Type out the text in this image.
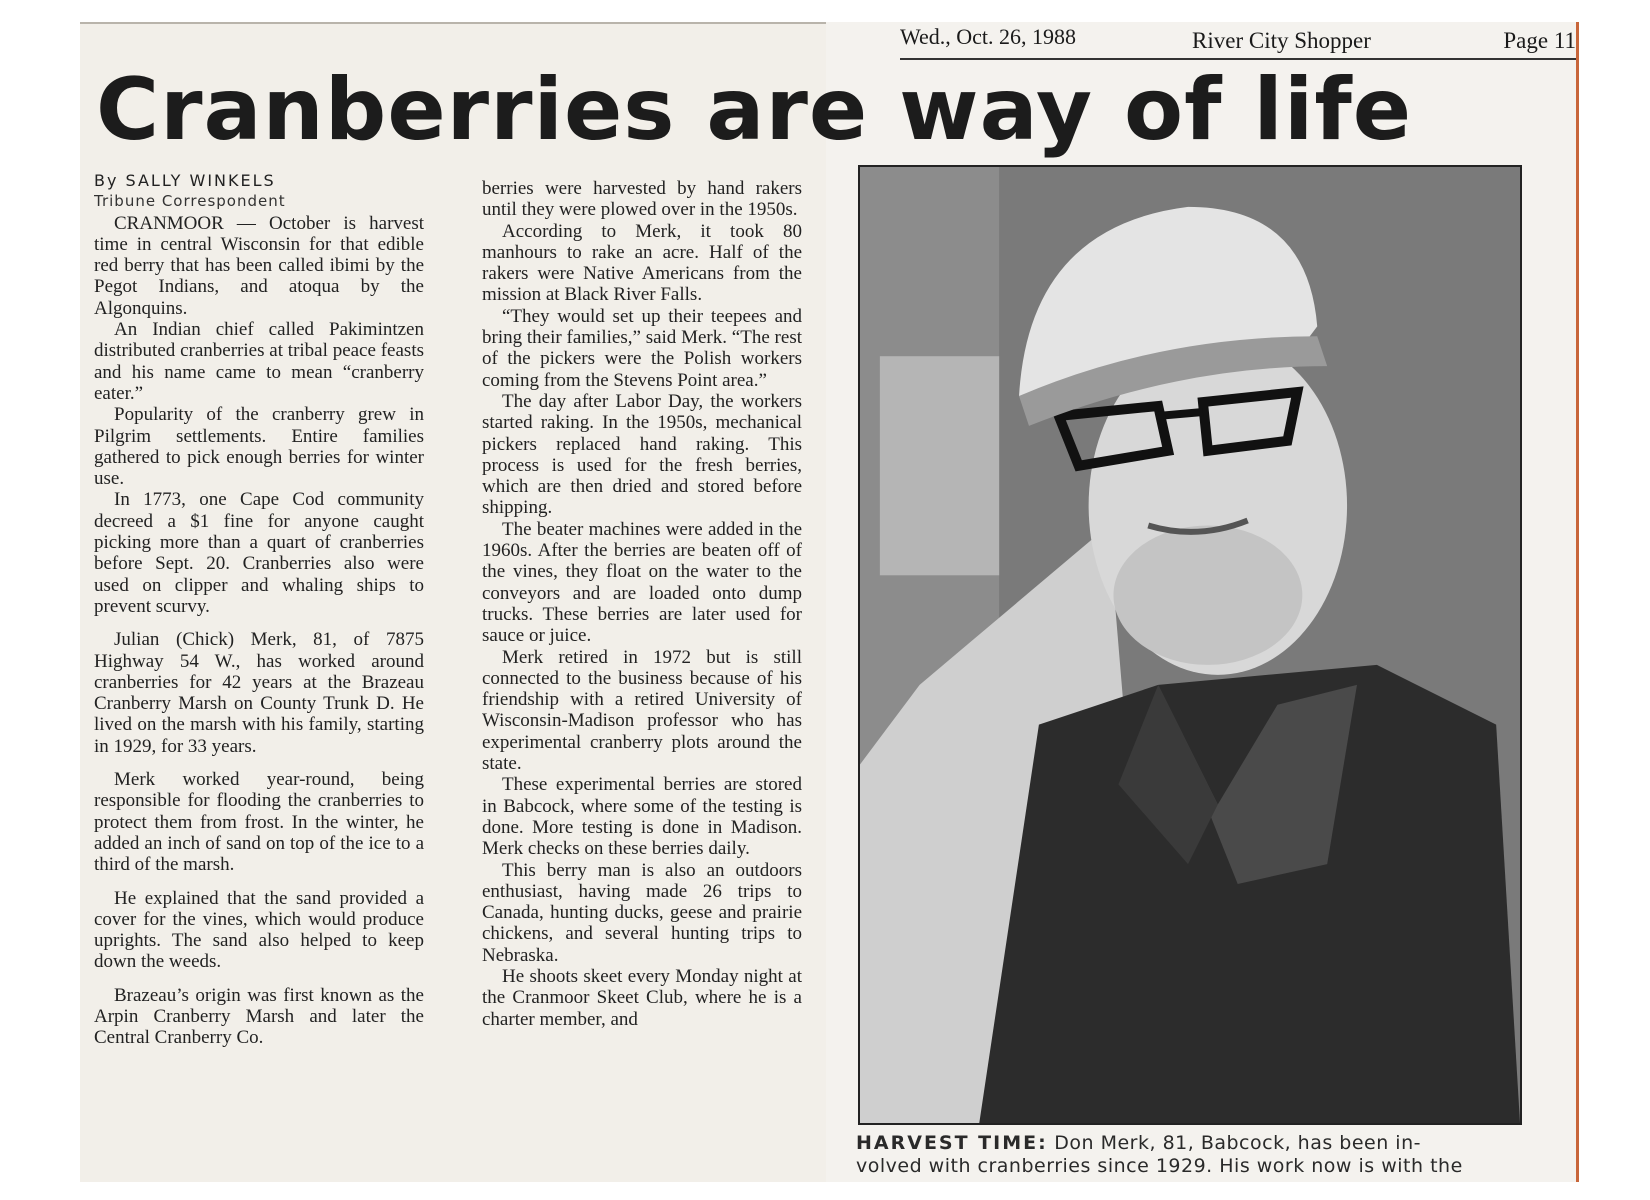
Wed., Oct. 26, 1988	River City Shopper	Page 11
Cranberries are way of life

By SALLY WINKELS

Tribune Correspondent

CRANMOOR — October is harvest time in central Wisconsin for that edible red berry that has been called ibimi by the Pegot Indians, and atoqua by the Algonquins.

An Indian chief called Pakimintzen distributed cranberries at tribal peace feasts and his name came to mean “cranberry eater.”

Popularity of the cranberry grew in Pilgrim settlements. Entire families gathered to pick enough berries for winter use.

In 1773, one Cape Cod community decreed a $1 fine for anyone caught picking more than a quart of cranberries before Sept. 20. Cranberries also were used on clipper and whaling ships to prevent scurvy.

Julian (Chick) Merk, 81, of 7875 Highway 54 W., has worked around cranberries for 42 years at the Brazeau Cranberry Marsh on County Trunk D. He lived on the marsh with his family, starting in 1929, for 33 years.

Merk worked year-round, being responsible for flooding the cranberries to protect them from frost. In the winter, he added an inch of sand on top of the ice to a third of the marsh.

He explained that the sand provided a cover for the vines, which would produce uprights. The sand also helped to keep down the weeds.

Brazeau’s origin was first known as the Arpin Cranberry Marsh and later the Central Cranberry Co.

berries were harvested by hand rakers until they were plowed over in the 1950s.

According to Merk, it took 80 manhours to rake an acre. Half of the rakers were Native Americans from the mission at Black River Falls.

“They would set up their teepees and bring their families,” said Merk. “The rest of the pickers were the Polish workers coming from the Stevens Point area.”

The day after Labor Day, the workers started raking. In the 1950s, mechanical pickers replaced hand raking. This process is used for the fresh berries, which are then dried and stored before shipping.

The beater machines were added in the 1960s. After the berries are beaten off of the vines, they float on the water to the conveyors and are loaded onto dump trucks. These berries are later used for sauce or juice.

Merk retired in 1972 but is still connected to the business because of his friendship with a retired University of Wisconsin-Madison professor who has experimental cranberry plots around the state.

These experimental berries are stored in Babcock, where some of the testing is done. More testing is done in Madison. Merk checks on these berries daily.

This berry man is also an outdoors enthusiast, having made 26 trips to Canada, hunting ducks, geese and prairie chickens, and several hunting trips to Nebraska.

He shoots skeet every Monday night at the Cranmoor Skeet Club, where he is a charter member, and

HARVEST TIME: Don Merk, 81, Babcock, has been in-
volved with cranberries since 1929. His work now is with the
